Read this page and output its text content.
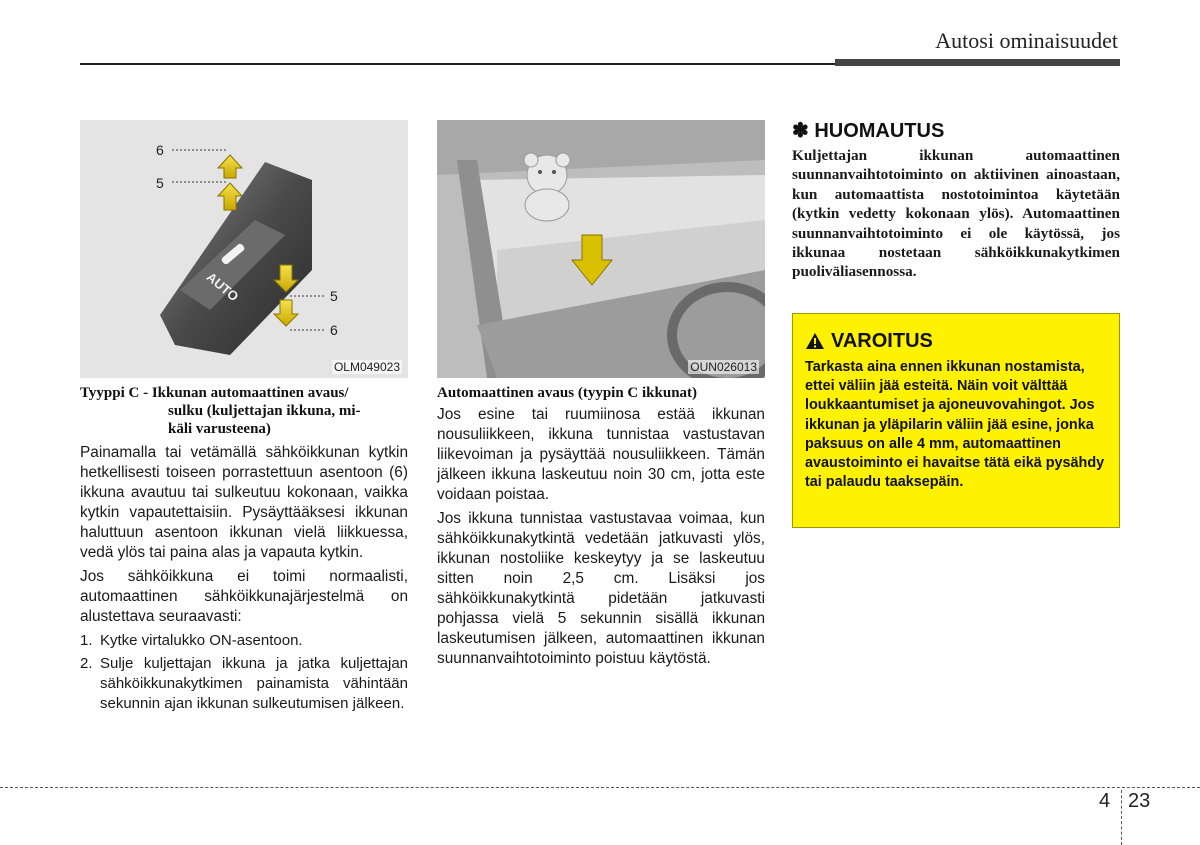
Autosi ominaisuudet
AUTO
6
5
5
6
OLM049023	OUN026013
Tyyppi C - Ikkunan automaattinen avaus/
sulku (kuljettajan ikkuna, mi-
käli varusteena)

Painamalla tai vetämällä sähköikkunan kytkin hetkellisesti toiseen porrastettuun asentoon (6) ikkuna avautuu tai sulkeutuu kokonaan, vaikka kytkin vapautettaisiin. Pysäyttääksesi ikkunan haluttuun asentoon ikkunan vielä liikkuessa, vedä ylös tai paina alas ja vapauta kytkin.

Jos sähköikkuna ei toimi normaalisti, automaattinen sähköikkunajärjestelmä on alustettava seuraavasti:

1. Kytke virtalukko ON-asentoon.
2. Sulje kuljettajan ikkuna ja jatka kuljettajan sähköikkunakytkimen painamista vähintään sekunnin ajan ikkunan sulkeutumisen jälkeen.
Automaattinen avaus (tyypin C ikkunat)

Jos esine tai ruumiinosa estää ikkunan nousuliikkeen, ikkuna tunnistaa vastustavan liikevoiman ja pysäyttää nousuliikkeen. Tämän jälkeen ikkuna laskeutuu noin 30 cm, jotta este voidaan poistaa.

Jos ikkuna tunnistaa vastustavaa voimaa, kun sähköikkunakytkintä vedetään jatkuvasti ylös, ikkunan nostoliike keskeytyy ja se laskeutuu sitten noin 2,5 cm. Lisäksi jos sähköikkunakytkintä pidetään jatkuvasti pohjassa vielä 5 sekunnin sisällä ikkunan laskeutumisen jälkeen, automaattinen ikkunan suunnanvaihtotoiminto poistuu käytöstä.

✽ HUOMAUTUS
Kuljettajan ikkunan automaattinen suunnanvaihtotoiminto on aktiivinen ainoastaan, kun automaattista nostotoimintoa käytetään (kytkin vedetty kokonaan ylös). Automaattinen suunnanvaihtotoiminto ei ole käytössä, jos ikkunaa nostetaan sähköikkunakytkimen puoliväliasennossa.
VAROITUS
Tarkasta aina ennen ikkunan nostamista, ettei väliin jää esteitä. Näin voit välttää loukkaantumiset ja ajoneuvovahingot. Jos ikkunan ja yläpilarin väliin jää esine, jonka paksuus on alle 4 mm, automaattinen avaustoiminto ei havaitse tätä eikä pysähdy tai palaudu taaksepäin.
4 23
